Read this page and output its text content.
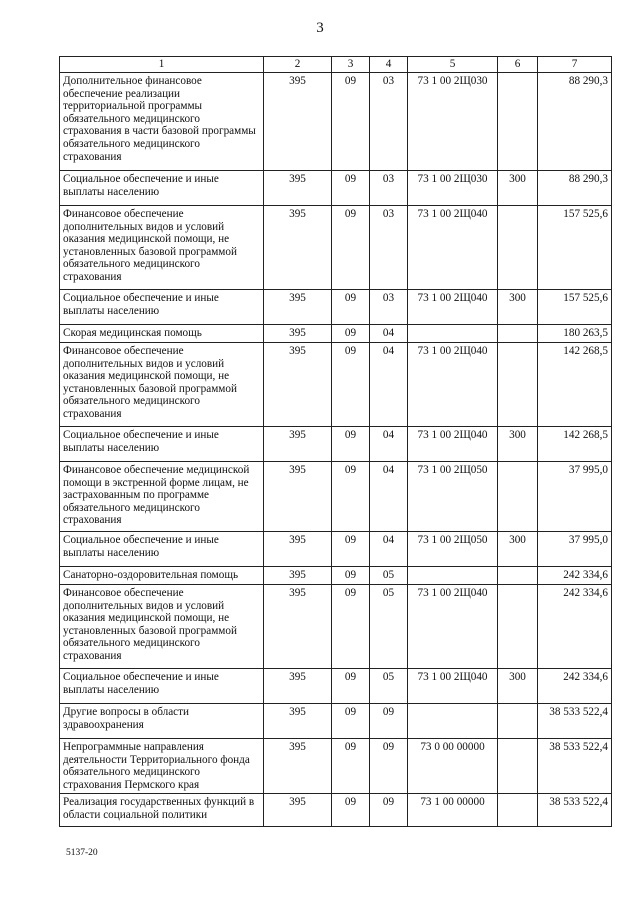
3
1	2	3	4	5	6	7
Дополнительное финансовое обеспечение реализации территориальной программы обязательного медицинского страхования в части базовой программы обязательного медицинского страхования	395	09	03	73 1 00 2Щ030		88 290,3
Социальное обеспечение и иные выплаты населению	395	09	03	73 1 00 2Щ030	300	88 290,3
Финансовое обеспечение дополнительных видов и условий оказания медицинской помощи, не установленных базовой программой обязательного медицинского страхования	395	09	03	73 1 00 2Щ040		157 525,6
Социальное обеспечение и иные выплаты населению	395	09	03	73 1 00 2Щ040	300	157 525,6
Скорая медицинская помощь	395	09	04			180 263,5
Финансовое обеспечение дополнительных видов и условий оказания медицинской помощи, не установленных базовой программой обязательного медицинского страхования	395	09	04	73 1 00 2Щ040		142 268,5
Социальное обеспечение и иные выплаты населению	395	09	04	73 1 00 2Щ040	300	142 268,5
Финансовое обеспечение медицинской помощи в экстренной форме лицам, не застрахованным по программе обязательного медицинского страхования	395	09	04	73 1 00 2Щ050		37 995,0
Социальное обеспечение и иные выплаты населению	395	09	04	73 1 00 2Щ050	300	37 995,0
Санаторно-оздоровительная помощь	395	09	05			242 334,6
Финансовое обеспечение дополнительных видов и условий оказания медицинской помощи, не установленных базовой программой обязательного медицинского страхования	395	09	05	73 1 00 2Щ040		242 334,6
Социальное обеспечение и иные выплаты населению	395	09	05	73 1 00 2Щ040	300	242 334,6
Другие вопросы в области здравоохранения	395	09	09			38 533 522,4
Непрограммные направления деятельности Территориального фонда обязательного медицинского страхования Пермского края	395	09	09	73 0 00 00000		38 533 522,4
Реализация государственных функций в области социальной политики	395	09	09	73 1 00 00000		38 533 522,4
5137-20
